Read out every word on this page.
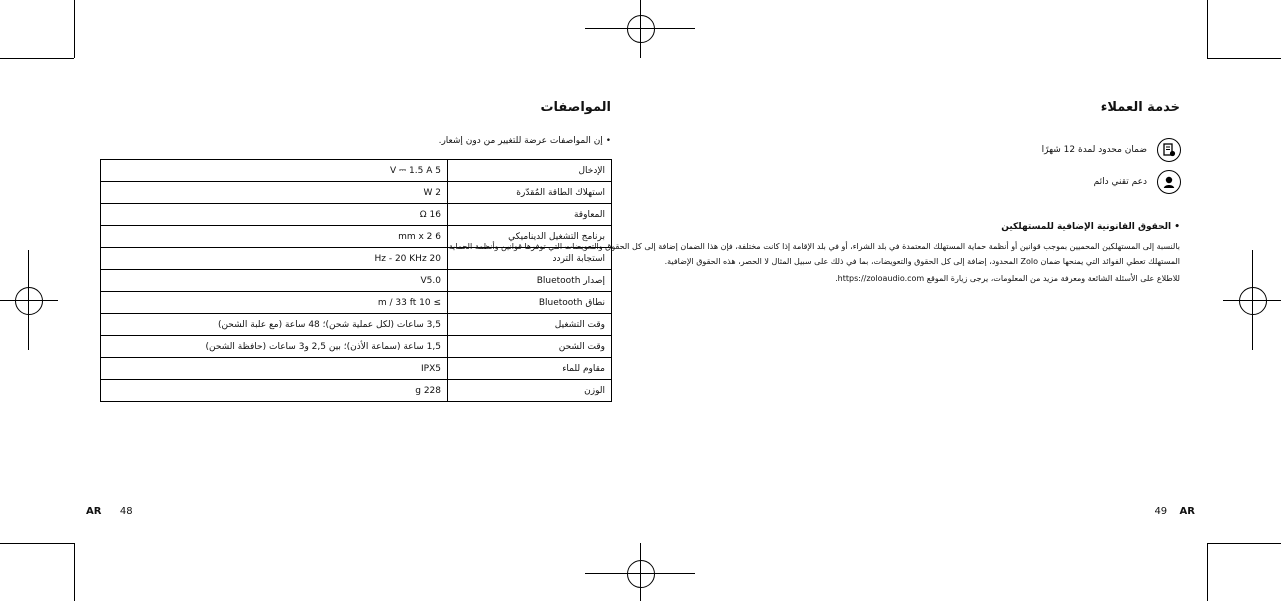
المواصفات
• إن المواصفات عرضة للتغيير من دون إشعار.
5 V ⎓ 1.5 A	الإدخال
2 W	استهلاك الطاقة المُقدّرة
16 Ω	المعاوقة
6 mm x 2	برنامج التشغيل الديناميكي
20 Hz - 20 KHz	استجابة التردد
V5.0	إصدار Bluetooth
≥ 10 m / 33 ft	نطاق Bluetooth
3,5 ساعات (لكل عملية شحن)؛ 48 ساعة (مع علبة الشحن)	وقت التشغيل
1,5 ساعة (سماعة الأذن)؛ بين 2,5 و3 ساعات (حافظة الشحن)	وقت الشحن
IPX5	مقاوم للماء
228 g	الوزن
AR 48
خدمة العملاء
ضمان محدود لمدة 12 شهرًا
دعم تقني دائم
• الحقوق القانونية الإضافية للمستهلكين
بالنسبة إلى المستهلكين المحميين بموجب قوانين أو أنظمة حماية المستهلك المعتمدة في بلد الشراء، أو في بلد الإقامة إذا كانت مختلفة، فإن هذا الضمان إضافة إلى كل الحقوق والتعويضات التي توفرها قوانين وأنظمة الحماية
المستهلك تعطي الفوائد التي يمنحها ضمان Zolo المحدود، إضافة إلى كل الحقوق والتعويضات، بما في ذلك على سبيل المثال لا الحصر، هذه الحقوق الإضافية.
للاطلاع على الأسئلة الشائعة ومعرفة مزيد من المعلومات، يرجى زيارة الموقع https://zoloaudio.com.
49 AR
